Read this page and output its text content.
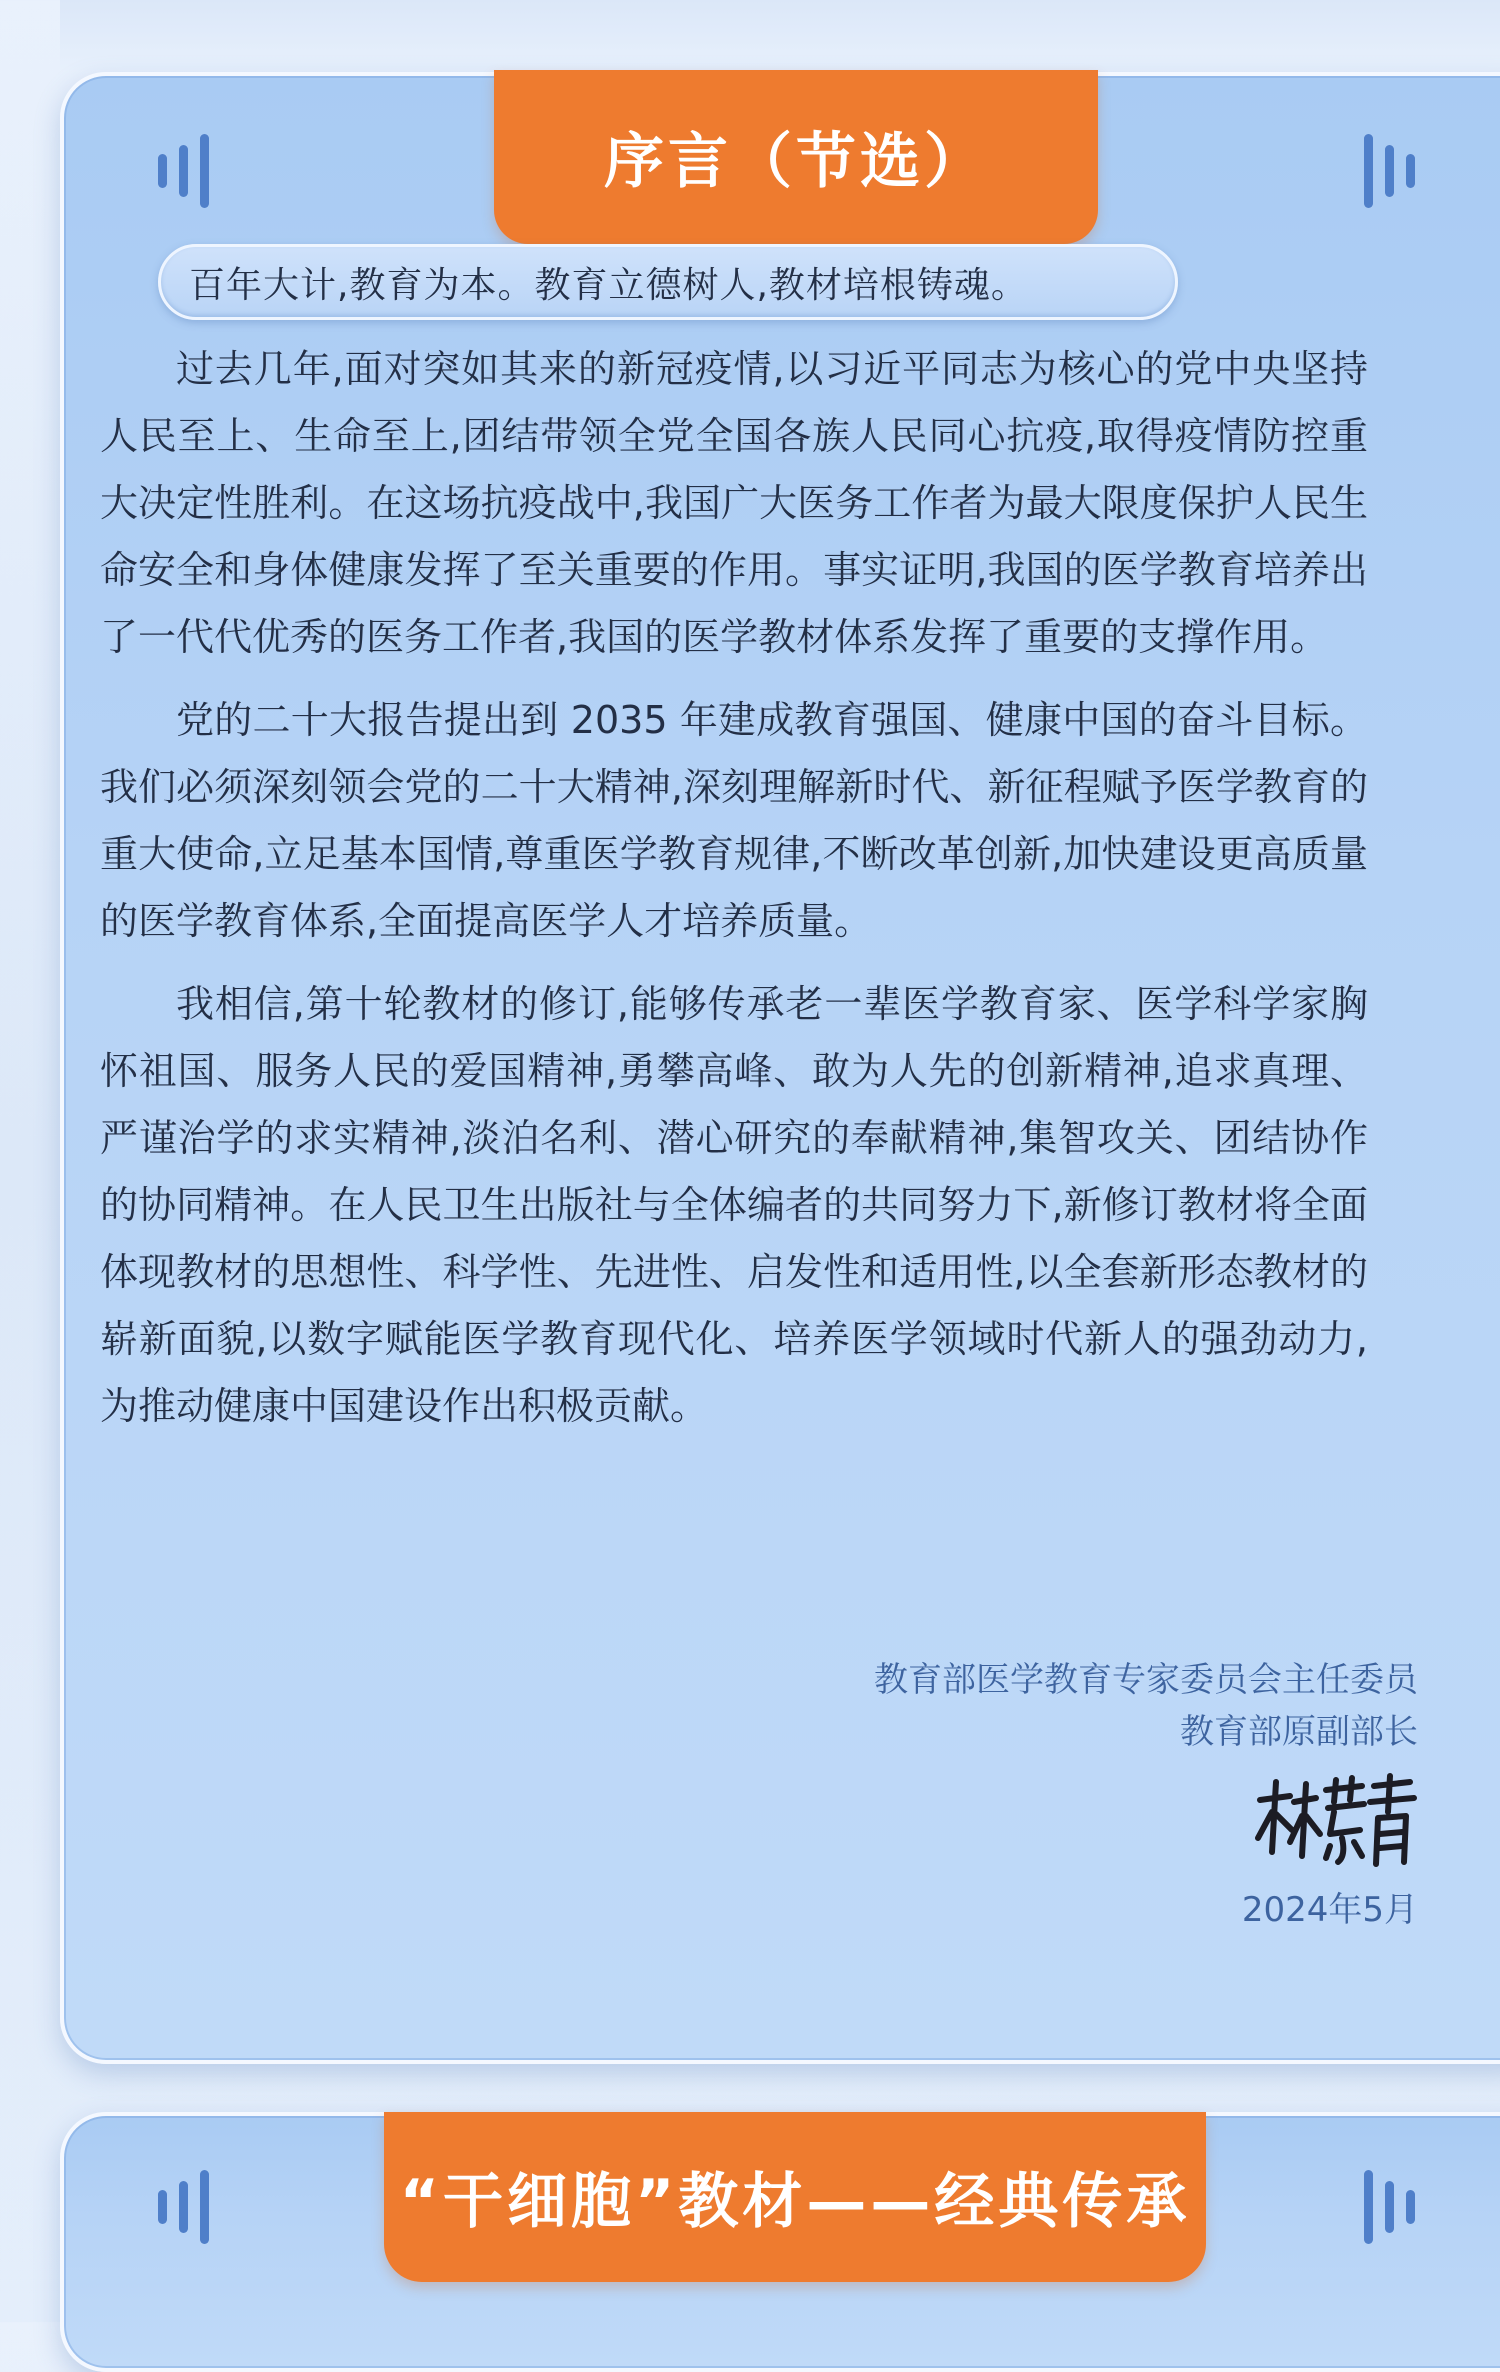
序言（节选）
百年大计,教育为本。教育立德树人,教材培根铸魂。

过去几年,面对突如其来的新冠疫情,以习近平同志为核心的党中央坚持人民至上、生命至上,团结带领全党全国各族人民同心抗疫,取得疫情防控重大决定性胜利。在这场抗疫战中,我国广大医务工作者为最大限度保护人民生命安全和身体健康发挥了至关重要的作用。事实证明,我国的医学教育培养出了一代代优秀的医务工作者,我国的医学教材体系发挥了重要的支撑作用。

党的二十大报告提出到 2035 年建成教育强国、健康中国的奋斗目标。我们必须深刻领会党的二十大精神,深刻理解新时代、新征程赋予医学教育的重大使命,立足基本国情,尊重医学教育规律,不断改革创新,加快建设更高质量的医学教育体系,全面提高医学人才培养质量。

我相信,第十轮教材的修订,能够传承老一辈医学教育家、医学科学家胸怀祖国、服务人民的爱国精神,勇攀高峰、敢为人先的创新精神,追求真理、严谨治学的求实精神,淡泊名利、潜心研究的奉献精神,集智攻关、团结协作的协同精神。在人民卫生出版社与全体编者的共同努力下,新修订教材将全面体现教材的思想性、科学性、先进性、启发性和适用性,以全套新形态教材的崭新面貌,以数字赋能医学教育现代化、培养医学领域时代新人的强劲动力,为推动健康中国建设作出积极贡献。

教育部医学教育专家委员会主任委员
教育部原副部长
2024年5月
“干细胞”教材——经典传承
